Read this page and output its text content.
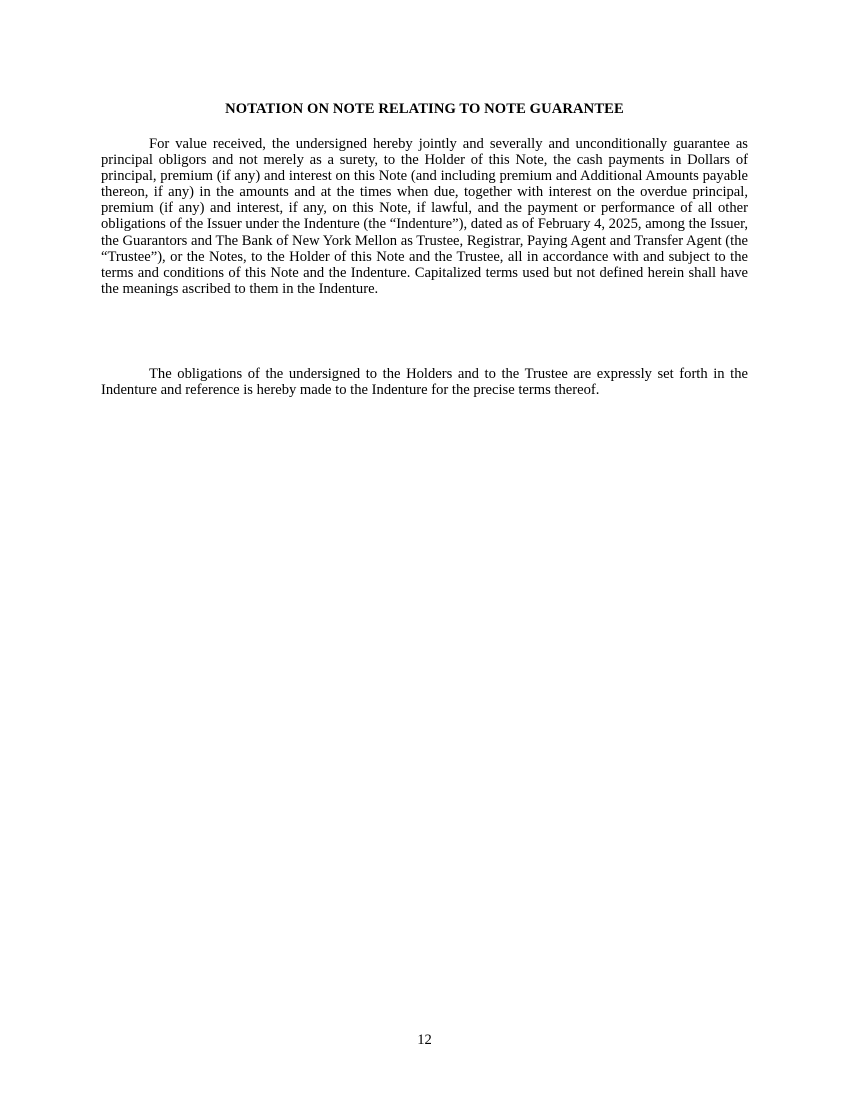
NOTATION ON NOTE RELATING TO NOTE GUARANTEE

For value received, the undersigned hereby jointly and severally and unconditionally guarantee as principal obligors and not merely as a surety, to the Holder of this Note, the cash payments in Dollars of principal, premium (if any) and interest on this Note (and including premium and Additional Amounts payable thereon, if any) in the amounts and at the times when due, together with interest on the overdue principal, premium (if any) and interest, if any, on this Note, if lawful, and the payment or performance of all other obligations of the Issuer under the Indenture (the “Indenture”), dated as of February 4, 2025, among the Issuer, the Guarantors and The Bank of New York Mellon as Trustee, Registrar, Paying Agent and Transfer Agent (the “Trustee”), or the Notes, to the Holder of this Note and the Trustee, all in accordance with and subject to the terms and conditions of this Note and the Indenture. Capitalized terms used but not defined herein shall have the meanings ascribed to them in the Indenture.

The obligations of the undersigned to the Holders and to the Trustee are expressly set forth in the Indenture and reference is hereby made to the Indenture for the precise terms thereof.

12
